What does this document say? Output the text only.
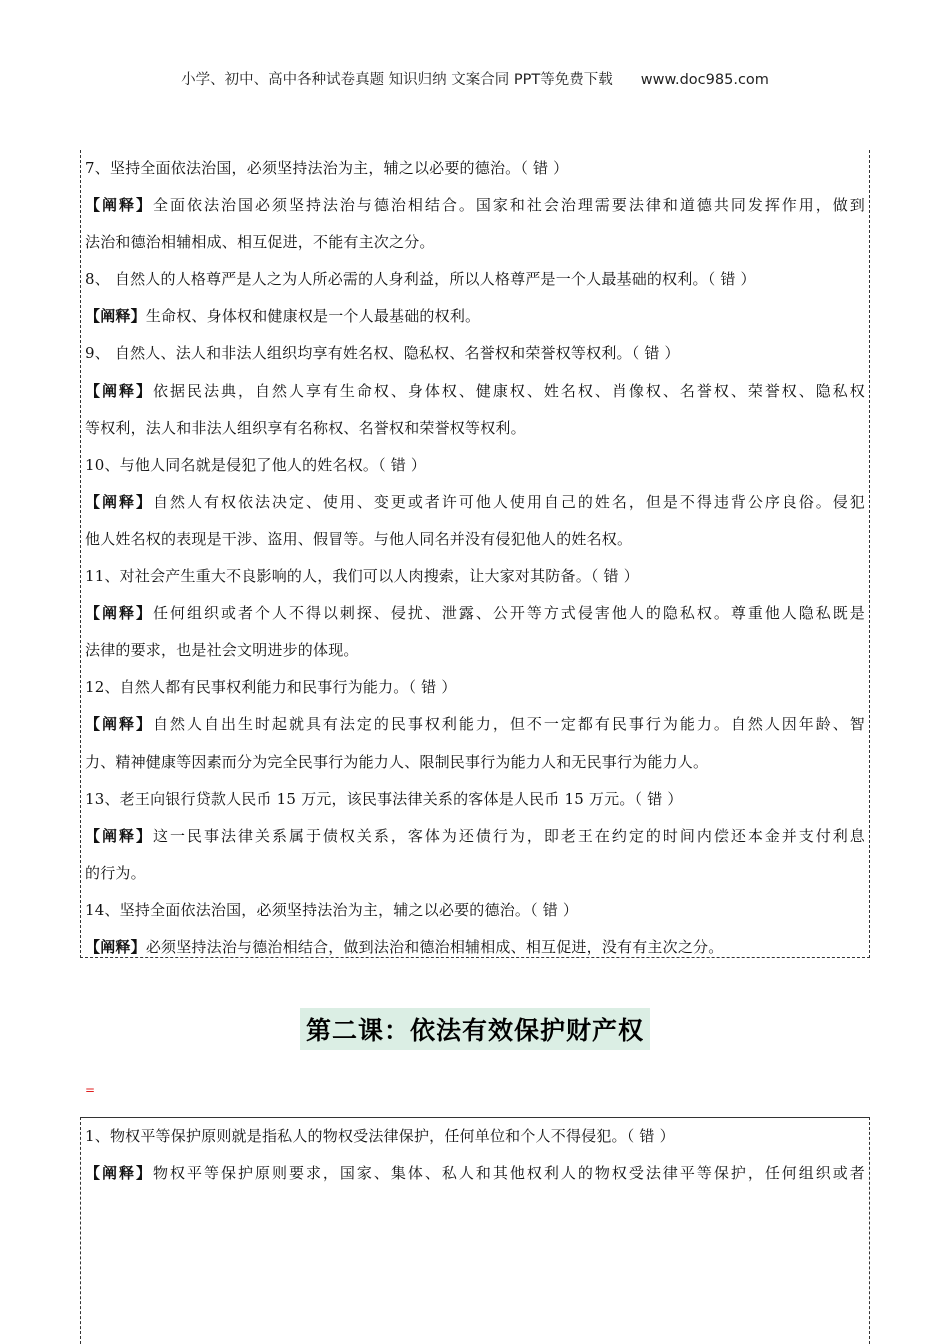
小学、初中、高中各种试卷真题 知识归纳 文案合同 PPT等免费下载 www.doc985.com
7、坚持全面依法治国，必须坚持法治为主，辅之以必要的德治。（ 错 ）
【阐释】全面依法治国必须坚持法治与德治相结合。国家和社会治理需要法律和道德共同发挥作用，做到
法治和德治相辅相成、相互促进，不能有主次之分。
8、 自然人的人格尊严是人之为人所必需的人身利益，所以人格尊严是一个人最基础的权利。（ 错 ）
【阐释】生命权、身体权和健康权是一个人最基础的权利。
9、 自然人、法人和非法人组织均享有姓名权、隐私权、名誉权和荣誉权等权利。（ 错 ）
【阐释】依据民法典，自然人享有生命权、身体权、健康权、姓名权、肖像权、名誉权、荣誉权、隐私权
等权利，法人和非法人组织享有名称权、名誉权和荣誉权等权利。
10、与他人同名就是侵犯了他人的姓名权。（ 错 ）
【阐释】自然人有权依法决定、使用、变更或者许可他人使用自己的姓名，但是不得违背公序良俗。侵犯
他人姓名权的表现是干涉、盗用、假冒等。与他人同名并没有侵犯他人的姓名权。
11、对社会产生重大不良影响的人，我们可以人肉搜索，让大家对其防备。（ 错 ）
【阐释】任何组织或者个人不得以刺探、侵扰、泄露、公开等方式侵害他人的隐私权。尊重他人隐私既是
法律的要求，也是社会文明进步的体现。
12、自然人都有民事权利能力和民事行为能力。（ 错 ）
【阐释】自然人自出生时起就具有法定的民事权利能力，但不一定都有民事行为能力。自然人因年龄、智
力、精神健康等因素而分为完全民事行为能力人、限制民事行为能力人和无民事行为能力人。
13、老王向银行贷款人民币 15 万元，该民事法律关系的客体是人民币 15 万元。（ 错 ）
【阐释】这一民事法律关系属于债权关系，客体为还债行为，即老王在约定的时间内偿还本金并支付利息
的行为。
14、坚持全面依法治国，必须坚持法治为主，辅之以必要的德治。（ 错 ）
【阐释】必须坚持法治与德治相结合，做到法治和德治相辅相成、相互促进，没有有主次之分。
第二课：依法有效保护财产权
=
1、物权平等保护原则就是指私人的物权受法律保护，任何单位和个人不得侵犯。（ 错 ）
【阐释】物权平等保护原则要求，国家、集体、私人和其他权利人的物权受法律平等保护，任何组织或者
